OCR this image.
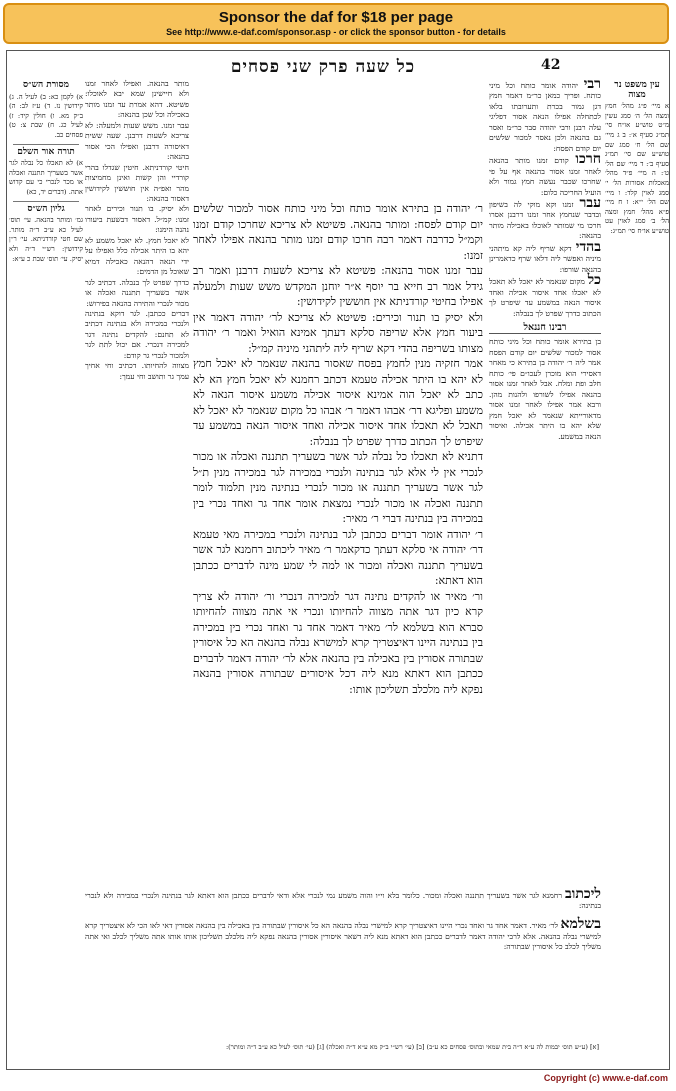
Sponsor the daf for $18 per page
See http://www.e-daf.com/sponsor.asp - or click the sponsor button - for details
כל שעה פרק שני פסחים	42
עין משפט נר מצוה

א מיי׳ פ״ג מהל׳ חמץ ומצה הל׳ ה׳ סמג עשין מ״ט טוש״ע או״ח סי׳ תמ״ג סעיף א׳: ב ג מיי׳ שם הל׳ ח׳ סמג שם טוש״ע שם סי׳ תמ״ג סעיף ב׳: ד מיי׳ שם הל׳ ט׳: ה מיי׳ פ״ד מהל׳ מאכלות אסורות הל׳ י׳ סמג לאוין קלד: ו מיי׳ שם הל׳ י״א: ז ח מיי׳ פ״א מהל׳ חמץ ומצה הל׳ ב׳ סמג לאוין עט טוש״ע או״ח סי׳ תמ״ג:

רבי יהודה אומר כותח וכל מיני כותח. ופריך כמאן כר״מ דאמר חמץ דגן גמור בכרת ותערובתו בלאו לכתחלה אפילו הנאה אסור דפליגי עלה רבנן ורבי יהודה סבר כר״מ ואסר גם בהנאה ולכן נאסר למכור שלשים יום קודם הפסח:

חרכו קודם זמנו מותר בהנאה לאחר זמנו אסור בהנאה אף על פי שחרכו שכבר נעשה חמץ גמור ולא הועיל החריכה כלום:

עבר זמנו וקא מוקי לה בשיפון ובדבר שנחמץ אחר זמנו דרבנן אסרו חרכו מי שמותר לאוכלו באכילה מותר בהנאה:

בהדי דקא שריף ליה קא מיתהני מיניה ואפשר ליה דלאו שרף כדאמרינן בהנאה שורפו:

כל מקום שנאמר לא יאכל לא תאכל לא יאכלו אחד איסור אכילה ואחד איסור הנאה במשמע עד שיפרט לך הכתוב כדרך שפרט לך בנבלה:

רבינו חננאל

בן בתירא אומר כותח וכל מיני כותח אסור למכור שלשים יום קודם הפסח אמר ליה ר׳ יהודה בן בתירא כי מאחר דאסירי הוא מוכרן לעכו״ם פי׳ כותח חלב ופת ומלח. אבל לאחר זמנו אסור בהנאה אפילו לשורפו ולהנות מהן. ורבא אמר אפילו לאחר זמנו אסור מדאורייתא שנאמר לא יאכל חמץ שלא יהא בו היתר אכילה. ואיסור הנאה במשמע.

ר׳ יהודה בן בתירא אומר כותח וכל מיני כותח אסור למכור שלשים יום קודם לפסח: ומותר בהנאה. פשיטא לא צריכא שחרכו קודם זמנו וקמ״ל כדרבה דאמר רבה חרכו קודם זמנו מותר בהנאה אפילו לאחר זמנו:

עבר זמנו אסור בהנאה: פשיטא לא צריכא לשעות דרבנן ואמר רב גידל אמר רב חייא בר יוסף א״ר יוחנן המקדש משש שעות ולמעלה אפילו בחיטי קורדניתא אין חוששין לקידושין:

ולא יסיק בו תנור וכירים: פשיטא לא צריכא לר׳ יהודה דאמר אין ביעור חמץ אלא שריפה סלקא דעתך אמינא הואיל ואמר ר׳ יהודה מצותו בשריפה בהדי דקא שריף ליה ליתהני מיניה קמ״ל:

אמר חזקיה מנין לחמץ בפסח שאסור בהנאה שנאמר לא יאכל חמץ לא יהא בו היתר אכילה טעמא דכתב רחמנא לא יאכל חמץ הא לא כתב לא יאכל הוה אמינא איסור אכילה משמע איסור הנאה לא משמע ופליגא דר׳ אבהו דאמר ר׳ אבהו כל מקום שנאמר לא יאכל לא תאכל לא תאכלו אחד איסור אכילה ואחד איסור הנאה במשמע עד שיפרט לך הכתוב כדרך שפרט לך בנבלה:

דתניא לא תאכלו כל נבלה לגר אשר בשעריך תתננה ואכלה או מכור לנכרי אין לי אלא לגר בנתינה ולנכרי במכירה לגר במכירה מנין ת״ל לגר אשר בשעריך תתננה או מכור לנכרי בנתינה מנין תלמוד לומר תתננה ואכלה או מכור לנכרי נמצאת אומר אחד גר ואחד נכרי בין במכירה בין בנתינה דברי ר׳ מאיר:

ר׳ יהודה אומר דברים ככתבן לגר בנתינה ולנכרי במכירה מאי טעמא דר׳ יהודה אי סלקא דעתך כדקאמר ר׳ מאיר ליכתוב רחמנא לגר אשר בשעריך תתננה ואכלה ומכור או למה לי שמע מינה לדברים ככתבן הוא דאתא:

ור׳ מאיר או להקדים נתינה דגר למכירה דנכרי ור׳ יהודה לא צריך קרא כיון דגר אתה מצווה להחיותו ונכרי אי אתה מצווה להחיותו סברא הוא בשלמא לר׳ מאיר דאמר אחד גר ואחד נכרי בין במכירה בין בנתינה היינו דאיצטריך קרא למישרא נבלה בהנאה הא כל איסורין שבתורה אסורין בין באכילה בין בהנאה אלא לר׳ יהודה דאמר לדברים ככתבן הוא דאתא מנא ליה דכל איסורים שבתורה אסורין בהנאה נפקא ליה מלכלב תשליכון אותו:

מותר בהנאה. ואפילו לאחר זמנו ולא חיישינן שמא יבא לאוכלו: פשיטא. דהא אמרת עד זמנו מותר באכילה וכל שכן בהנאה:

עבר זמנו. משש שעות ולמעלה: לא צריכא לשעות דרבנן. שעה ששית דאיסורה דרבנן ואפילו הכי אסור בהנאה:

חיטי קורדניתא. חיטין שגדלו בהרי קורדיי והן קשות ואינן מחמיצות מהר ואפ״ה אין חוששין לקידושין דאסור בהנאה:

ולא יסיק. בו תנור וכירים לאחר זמנו: קמ״ל. דאסור דבשעת ביעורו נהנה הימנו:

לא יאכל חמץ. לא יאכל משמע לא יהא בו היתר אכילה כלל ואפילו על ידי הנאה דהנאה כאכילה דמיא שאוכל מן הדמים:

כדרך שפרט לך בנבלה. דכתיב לגר אשר בשעריך תתננה ואכלה או מכור לנכרי והתירה בהנאה בפירוש:

דברים ככתבן. לגר דוקא בנתינה ולנכרי במכירה ולא בנתינה דכתיב לא תחנם: להקדים נתינה דגר למכירה דנכרי. אם יכול לתת לגר ולמכור לנכרי גר קודם:

מצווה להחיותו. דכתיב וחי אחיך עמך גר ותושב וחי עמך:

מסורת הש״ס

א) לקמן כא: ב) לעיל ה. ג) קידושין נז. ד) ע״ז לב: ה) ב״ק מא. ו) חולין קיד: ז) לעיל כג. ח) שבת צ: ט) פסחים כב.

תורה אור השלם

א) לא תאכלו כל נבלה לגר אשר בשעריך תתננה ואכלה או מכר לנכרי כי עם קדוש אתה. (דברים יד, כא)

גליון הש״ס

גמ׳ ומותר בהנאה. עי׳ תוס׳ לעיל כא ע״ב ד״ה מותר. שם חטי קורדניתא. עי׳ ר״ן קידושין: רש״י ד״ה ולא יסיק. עי׳ תוס׳ שבת כ ע״א:

ליכתוב רחמנא לגר אשר בשעריך תתננה ואכלה ומכור. כלומר בלא וי״ו והוה משמע נמי לנכרי אלא ודאי לדברים ככתבן הוא דאתא לגר בנתינה ולנכרי במכירה ולא לנכרי בנתינה:

בשלמא לר׳ מאיר. דאמר אחד גר ואחד נכרי היינו דאיצטריך קרא למישרי נבלה בהנאה הא כל איסורין שבתורה בין באכילה בין בהנאה אסורין דאי לאו הכי לא איצטריך קרא למישרי נבלה בהנאה. אלא לרבי יהודה דאמר לדברים ככתבן הוא דאתא מנא ליה דשאר איסורין אסורין בהנאה נפקא ליה מלכלב תשליכון אותו אותו אתה משליך לכלב ואי אתה משליך לכלב כל איסורין שבתורה:

[א] (ע״ש תוס׳ יבמות לה ע״א ד״ה בית שמאי ובתוס׳ פסחים כא ע״ב) [ב] (עי׳ רש״י ב״ק מא ע״א ד״ה ואכלה) [ג] (עי׳ תוס׳ לעיל כא ע״ב ד״ה ומותר):
Copyright (c) www.e-daf.com
